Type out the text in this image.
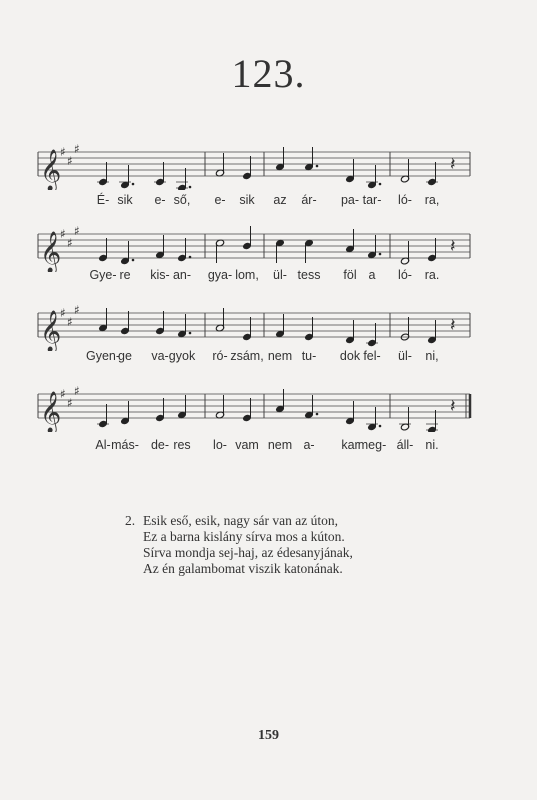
123.
𝄞
♯
♯
♯
𝄽
É- sik e- ső, e- sik az ár- pa- tar- ló- ra,
𝄞
♯
♯
♯
𝄽
Gye- re kis- an- gya- lom, ül- tess föl a ló- ra.
𝄞
♯
♯
♯
𝄽
Gyen-
ge va- gyok ró- zsám, nem tu- dok fel- ül- ni,
𝄞
♯
♯
♯
𝄽
Al- más- de- res lo- vam nem a- kar meg- áll- ni.
2. Esik eső, esik, nagy sár van az úton,
Ez a barna kislány sírva mos a kúton.
Sírva mondja sej-haj, az édesanyjának,
Az én galambomat viszik katonának.
159
